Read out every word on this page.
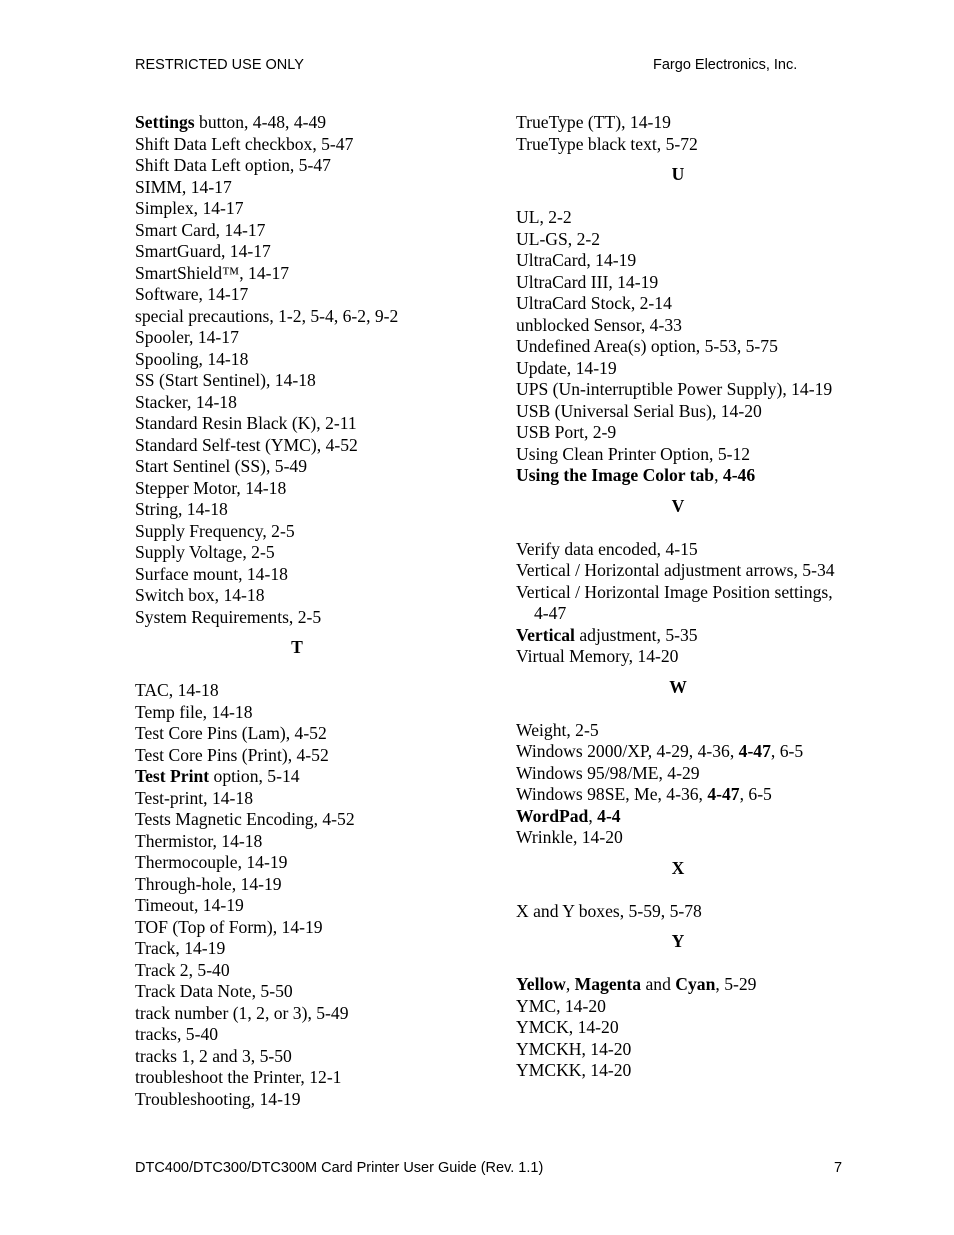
RESTRICTED USE ONLY	Fargo Electronics, Inc.
Settings button, 4-48, 4-49
Shift Data Left checkbox, 5-47
Shift Data Left option, 5-47
SIMM, 14-17
Simplex, 14-17
Smart Card, 14-17
SmartGuard, 14-17
SmartShield™, 14-17
Software, 14-17
special precautions, 1-2, 5-4, 6-2, 9-2
Spooler, 14-17
Spooling, 14-18
SS (Start Sentinel), 14-18
Stacker, 14-18
Standard Resin Black (K), 2-11
Standard Self-test (YMC), 4-52
Start Sentinel (SS), 5-49
Stepper Motor, 14-18
String, 14-18
Supply Frequency, 2-5
Supply Voltage, 2-5
Surface mount, 14-18
Switch box, 14-18
System Requirements, 2-5
T
TAC, 14-18
Temp file, 14-18
Test Core Pins (Lam), 4-52
Test Core Pins (Print), 4-52
Test Print option, 5-14
Test-print, 14-18
Tests Magnetic Encoding, 4-52
Thermistor, 14-18
Thermocouple, 14-19
Through-hole, 14-19
Timeout, 14-19
TOF (Top of Form), 14-19
Track, 14-19
Track 2, 5-40
Track Data Note, 5-50
track number (1, 2, or 3), 5-49
tracks, 5-40
tracks 1, 2 and 3, 5-50
troubleshoot the Printer, 12-1
Troubleshooting, 14-19
TrueType (TT), 14-19
TrueType black text, 5-72
U
UL, 2-2
UL-GS, 2-2
UltraCard, 14-19
UltraCard III, 14-19
UltraCard Stock, 2-14
unblocked Sensor, 4-33
Undefined Area(s) option, 5-53, 5-75
Update, 14-19
UPS (Un-interruptible Power Supply), 14-19
USB (Universal Serial Bus), 14-20
USB Port, 2-9
Using Clean Printer Option, 5-12
Using the Image Color tab, 4-46
V
Verify data encoded, 4-15
Vertical / Horizontal adjustment arrows, 5-34
Vertical / Horizontal Image Position settings, 4-47
Vertical adjustment, 5-35
Virtual Memory, 14-20
W
Weight, 2-5
Windows 2000/XP, 4-29, 4-36, 4-47, 6-5
Windows 95/98/ME, 4-29
Windows 98SE, Me, 4-36, 4-47, 6-5
WordPad, 4-4
Wrinkle, 14-20
X
X and Y boxes, 5-59, 5-78
Y
Yellow, Magenta and Cyan, 5-29
YMC, 14-20
YMCK, 14-20
YMCKH, 14-20
YMCKK, 14-20
DTC400/DTC300/DTC300M Card Printer User Guide (Rev. 1.1)	7
